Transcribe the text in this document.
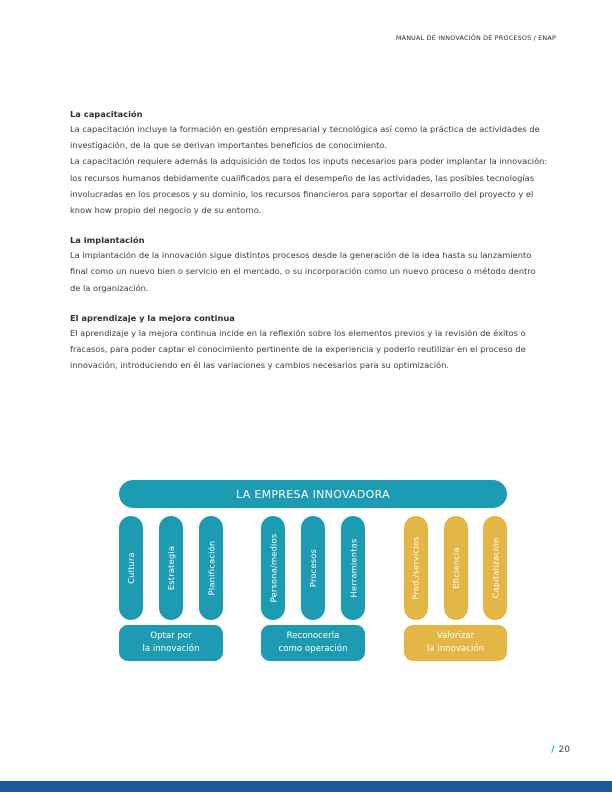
MANUAL DE INNOVACIÓN DE PROCESOS / ENAP
La capacitación

La capacitación incluye la formación en gestión empresarial y tecnológica así como la práctica de actividades de investigación, de la que se derivan importantes beneficios de conocimiento.

La capacitación requiere además la adquisición de todos los inputs necesarios para poder implantar la innovación: los recursos humanos debidamente cualificados para el desempeño de las actividades, las posibles tecnologías involucradas en los procesos y su dominio, los recursos financieros para soportar el desarrollo del proyecto y el know how propio del negocio y de su entorno.

La implantación

La implantación de la innovación sigue distintos procesos desde la generación de la idea hasta su lanzamiento final como un nuevo bien o servicio en el mercado, o su incorporación como un nuevo proceso o método dentro de la organización.

El aprendizaje y la mejora continua

El aprendizaje y la mejora continua incide en la reflexión sobre los elementos previos y la revisión de éxitos o fracasos, para poder captar el conocimiento pertinente de la experiencia y poderlo reutilizar en el proceso de innovación, introduciendo en él las variaciones y cambios necesarios para su optimización.

LA EMPRESA INNOVADORA
Cultura	Estrategia	Planificación
Optar por
la innovación
Persona/medios	Procesos	Herramientas
Reconocerla
como operación
Prod./servicios	Eficiencia	Capitalización
Valorizar
la innovación
/ 20
